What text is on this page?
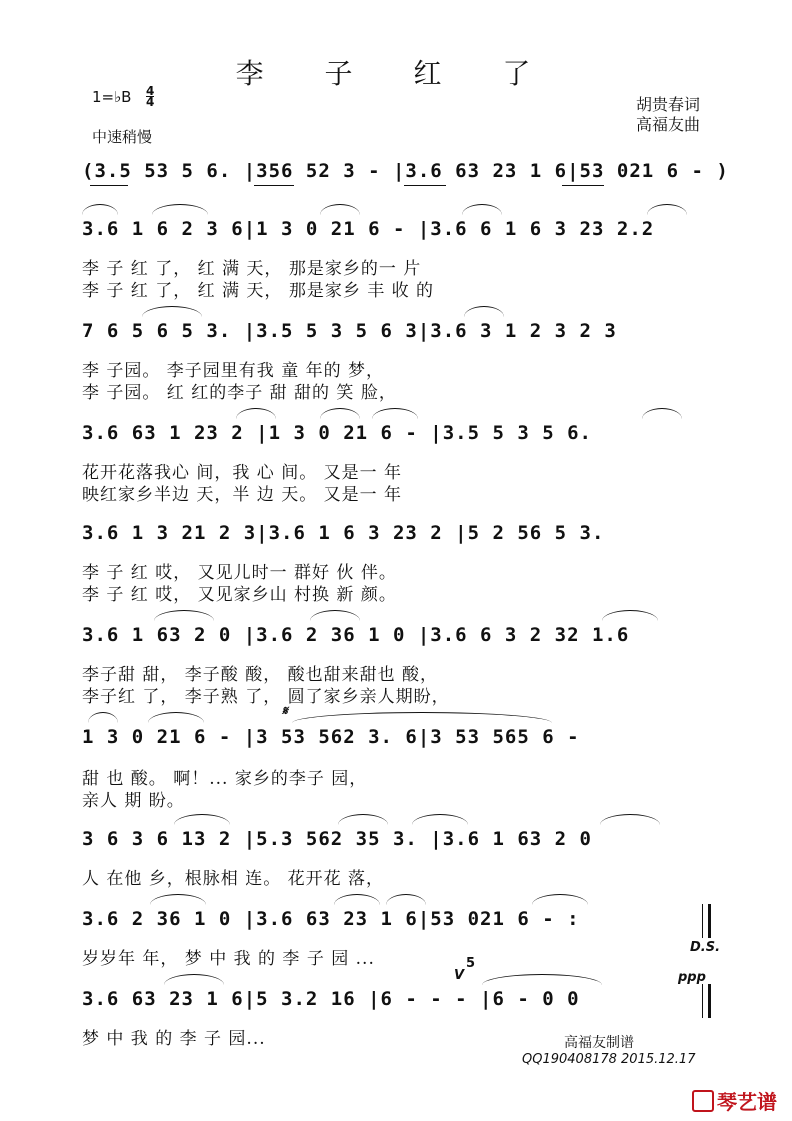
李 子 红 了
1=♭B 4
4
中速稍慢
胡贵春词
高福友曲
(3.5 53 5 6. |356 52 3 - |3.6 63 23 1 6|53 021 6 - )
3.6 1 6 2 3 6|1 3 0 21 6 - |3.6 6 1 6 3 23 2.2
李 子 红 了， 红 满 天， 那是家乡的一 片
李 子 红 了， 红 满 天， 那是家乡 丰 收 的
7 6 5 6 5 3. |3.5 5 3 5 6 3|3.6 3 1 2 3 2 3
李 子园。 李子园里有我 童 年的 梦，
李 子园。 红 红的李子 甜 甜的 笑 脸，
3.6 63 1 23 2 |1 3 0 21 6 - |3.5 5 3 5 6.
花开花落我心 间，我 心 间。 又是一 年
映红家乡半边 天，半 边 天。 又是一 年
3.6 1 3 21 2 3|3.6 1 6 3 23 2 |5 2 56 5 3.
李 子 红 哎， 又见儿时一 群好 伙 伴。
李 子 红 哎， 又见家乡山 村换 新 颜。
3.6 1 63 2 0 |3.6 2 36 1 0 |3.6 6 3 2 32 1.6
李子甜 甜， 李子酸 酸， 酸也甜来甜也 酸，
李子红 了， 李子熟 了， 圆了家乡亲人期盼，
𝄋
1 3 0 21 6 - |3 53 562 3. 6|3 53 565 6 -
甜 也 酸。 啊！... 家乡的李子 园，
亲人 期 盼。
3 6 3 6 13 2 |5.3 562 35 3. |3.6 1 63 2 0
人 在他 乡，根脉相 连。 花开花 落，
3.6 2 36 1 0 |3.6 63 23 1 6|53 021 6 - :
岁岁年 年， 梦 中 我 的 李 子 园 ...
D.S.
V
5
ppp
3.6 63 23 1 6|5 3.2 16 |6 - - - |6 - 0 0
梦 中 我 的 李 子 园...	高福友制谱
QQ190408178 2015.12.17
琴艺谱
